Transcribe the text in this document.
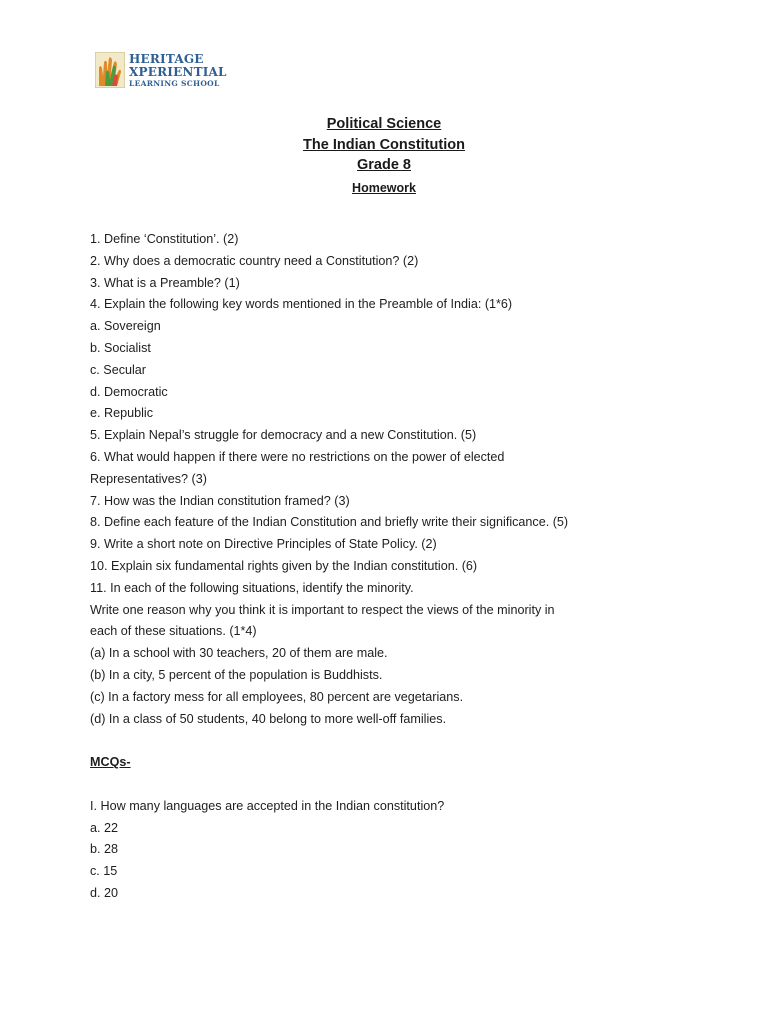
HERITAGE
XPERIENTIAL
LEARNING SCHOOL
Political Science
The Indian Constitution
Grade 8
Homework
1. Define ‘Constitution’. (2)
2. Why does a democratic country need a Constitution? (2)
3. What is a Preamble? (1)
4. Explain the following key words mentioned in the Preamble of India: (1*6)
a. Sovereign
b. Socialist
c. Secular
d. Democratic
e. Republic
5. Explain Nepal’s struggle for democracy and a new Constitution. (5)
6. What would happen if there were no restrictions on the power of elected
Representatives? (3)
7. How was the Indian constitution framed? (3)
8. Define each feature of the Indian Constitution and briefly write their significance. (5)
9. Write a short note on Directive Principles of State Policy. (2)
10. Explain six fundamental rights given by the Indian constitution. (6)
11. In each of the following situations, identify the minority.
Write one reason why you think it is important to respect the views of the minority in
each of these situations. (1*4)
(a) In a school with 30 teachers, 20 of them are male.
(b) In a city, 5 percent of the population is Buddhists.
(c) In a factory mess for all employees, 80 percent are vegetarians.
(d) In a class of 50 students, 40 belong to more well-off families.
MCQs-
I. How many languages are accepted in the Indian constitution?
a. 22
b. 28
c. 15
d. 20
